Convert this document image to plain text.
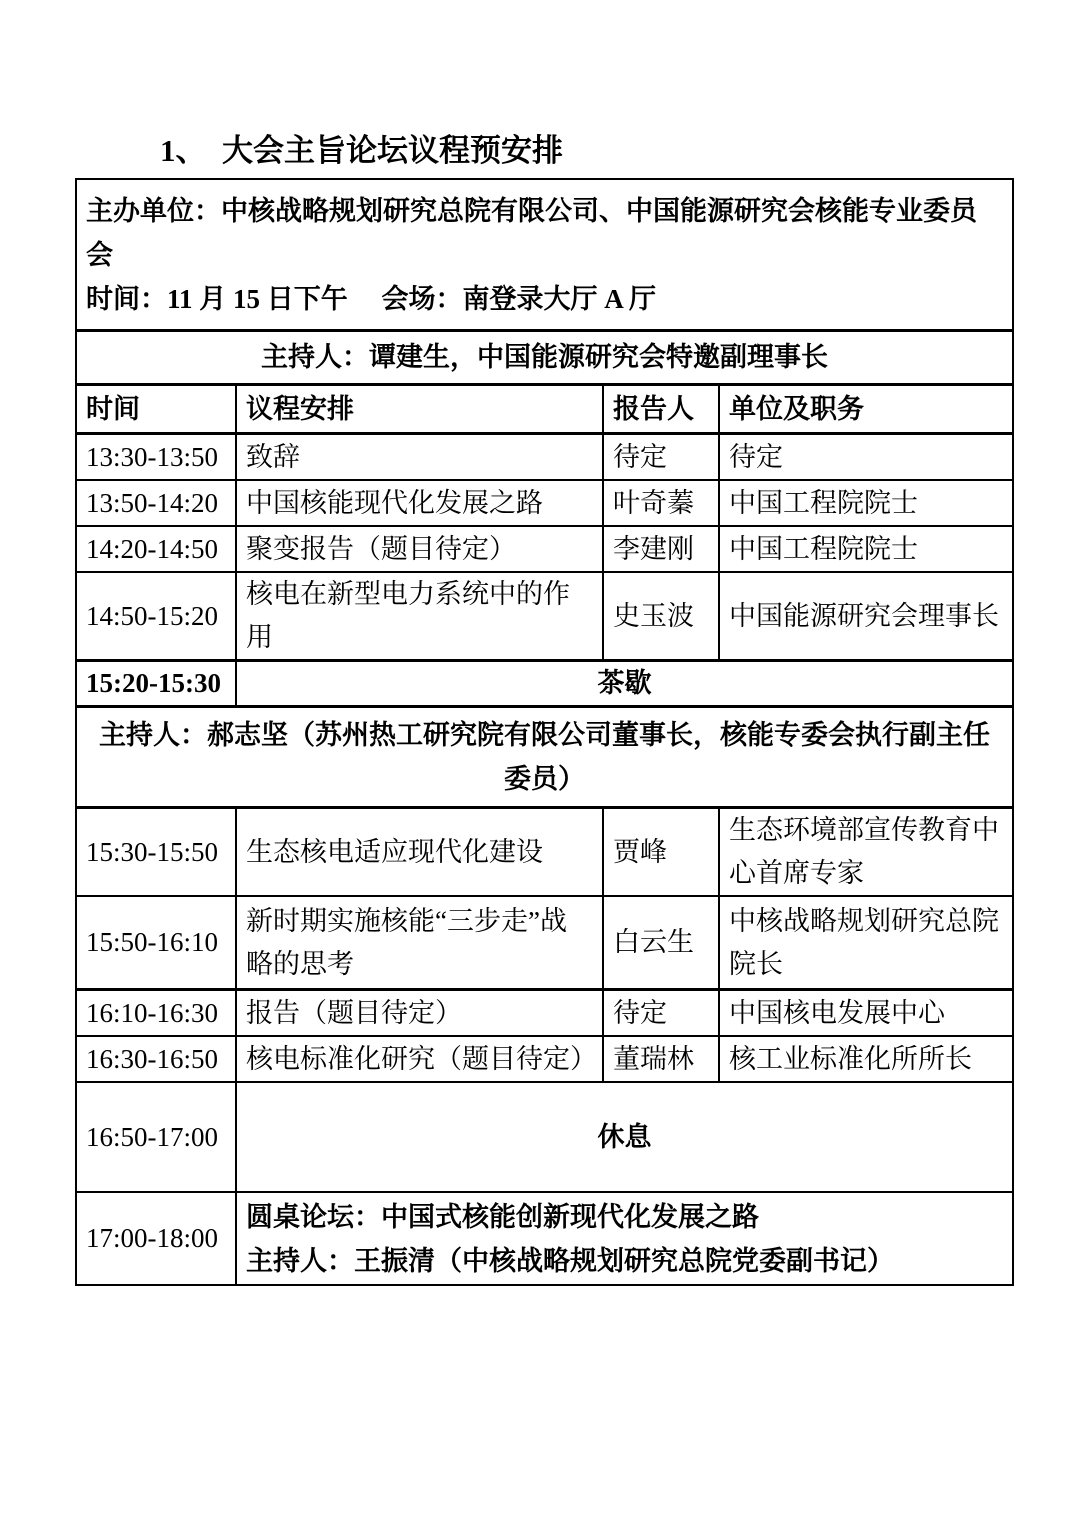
1、  大会主旨论坛议程预安排
主办单位：中核战略规划研究总院有限公司、中国能源研究会核能专业委员会
时间：11 月 15 日下午　 会场：南登录大厅 A 厅			

主持人：谭建生，中国能源研究会特邀副理事长			
时间	议程安排	报告人	单位及职务
13:30-13:50	致辞	待定	待定
13:50-14:20	中国核能现代化发展之路	叶奇蓁	中国工程院院士
14:20-14:50	聚变报告（题目待定）	李建刚	中国工程院院士
14:50-15:20	核电在新型电力系统中的作用	史玉波	中国能源研究会理事长
15:20-15:30	茶歇		
主持人：郝志坚（苏州热工研究院有限公司董事长，核能专委会执行副主任委员）			
15:30-15:50	生态核电适应现代化建设	贾峰	生态环境部宣传教育中心首席专家
15:50-16:10	新时期实施核能“三步走”战略的思考	白云生	中核战略规划研究总院院长
16:10-16:30	报告（题目待定）	待定	中国核电发展中心
16:30-16:50	核电标准化研究（题目待定）	董瑞林	核工业标准化所所长
16:50-17:00	休息		
17:00-18:00	圆桌论坛：中国式核能创新现代化发展之路
主持人：王振清（中核战略规划研究总院党委副书记）		
